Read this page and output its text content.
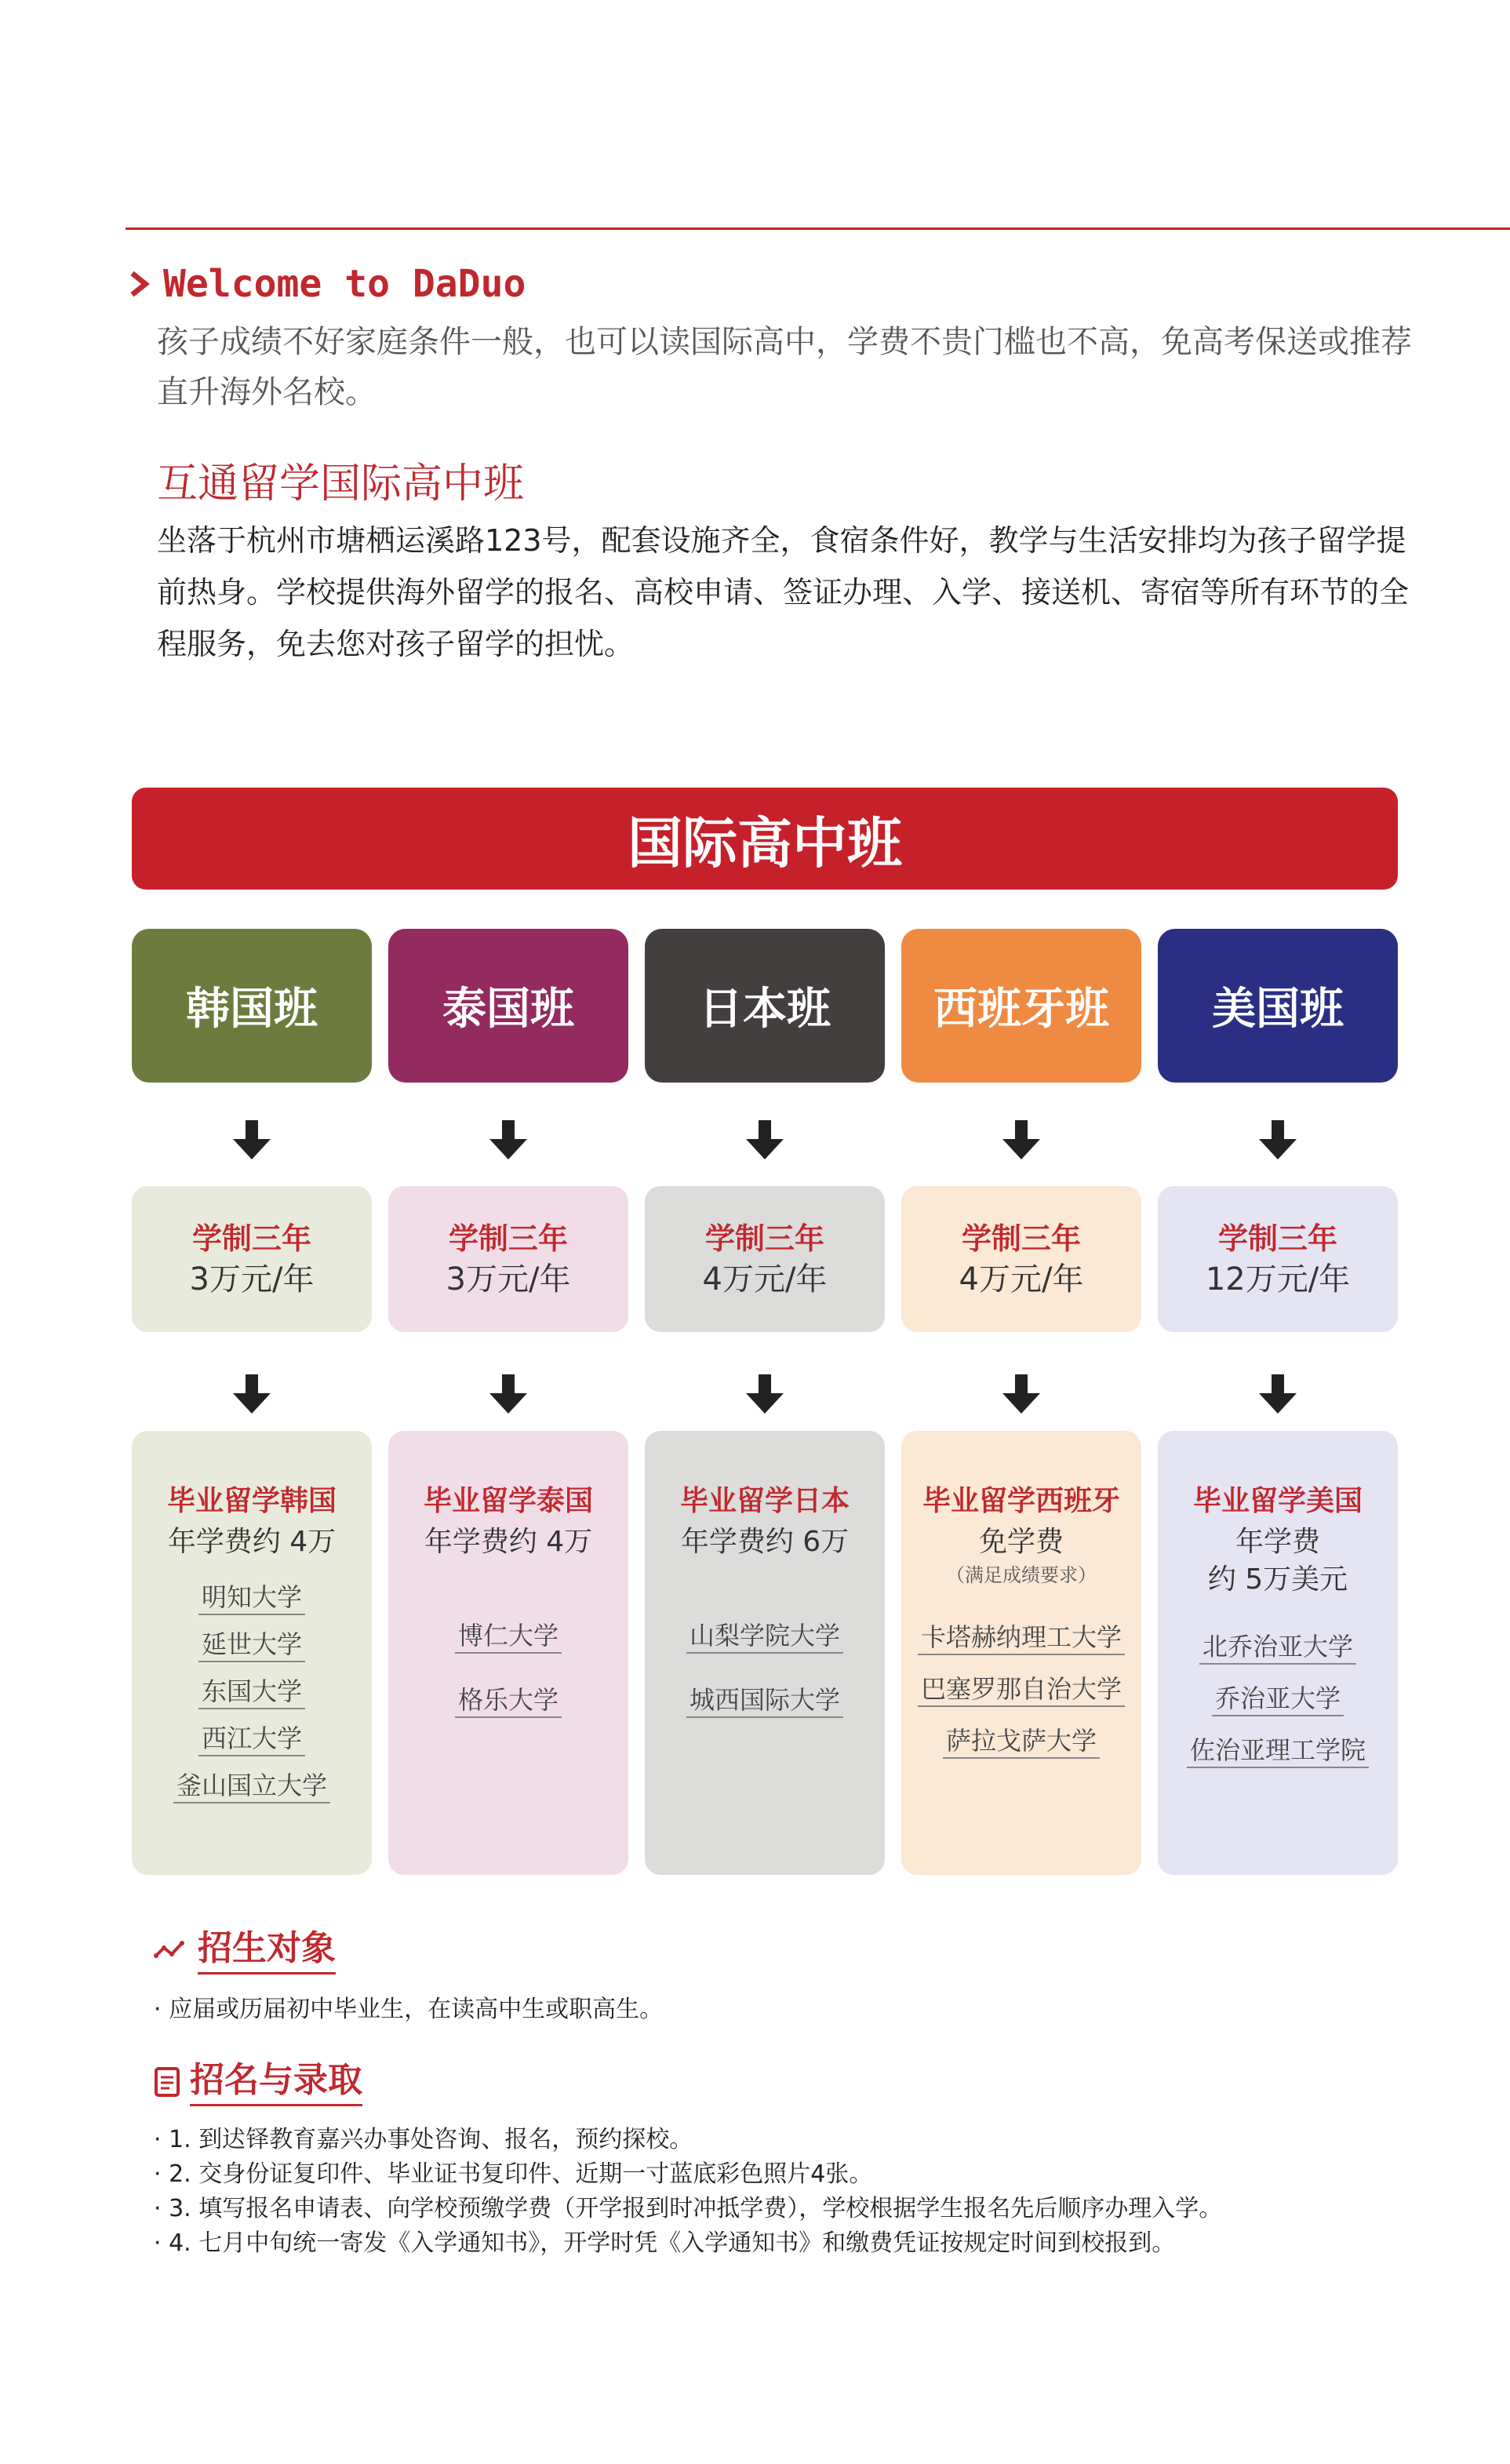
Welcome to DaDuo
孩子成绩不好家庭条件一般，也可以读国际高中，学费不贵门槛也不高，免高考保送或推荐直升海外名校。
互通留学国际高中班
坐落于杭州市塘栖运溪路123号，配套设施齐全，食宿条件好，教学与生活安排均为孩子留学提前热身。学校提供海外留学的报名、高校申请、签证办理、入学、接送机、寄宿等所有环节的全程服务，免去您对孩子留学的担忧。
国际高中班
韩国班
学制三年
3万元/年
毕业留学韩国
年学费约 4万
明知大学
延世大学
东国大学
西江大学
釜山国立大学
泰国班
学制三年
3万元/年
毕业留学泰国
年学费约 4万
博仁大学
格乐大学
日本班
学制三年
4万元/年
毕业留学日本
年学费约 6万
山梨学院大学
城西国际大学
西班牙班
学制三年
4万元/年
毕业留学西班牙
免学费
（满足成绩要求）
卡塔赫纳理工大学
巴塞罗那自治大学
萨拉戈萨大学
美国班
学制三年
12万元/年
毕业留学美国
年学费
约 5万美元
北乔治亚大学
乔治亚大学
佐治亚理工学院
招生对象
· 应届或历届初中毕业生，在读高中生或职高生。
招名与录取
· 1. 到迖铎教育嘉兴办事处咨询、报名，预约探校。
· 2. 交身份证复印件、毕业证书复印件、近期一寸蓝底彩色照片4张。
· 3. 填写报名申请表、向学校预缴学费（开学报到时冲抵学费），学校根据学生报名先后顺序办理入学。
· 4. 七月中旬统一寄发《入学通知书》，开学时凭《入学通知书》和缴费凭证按规定时间到校报到。
